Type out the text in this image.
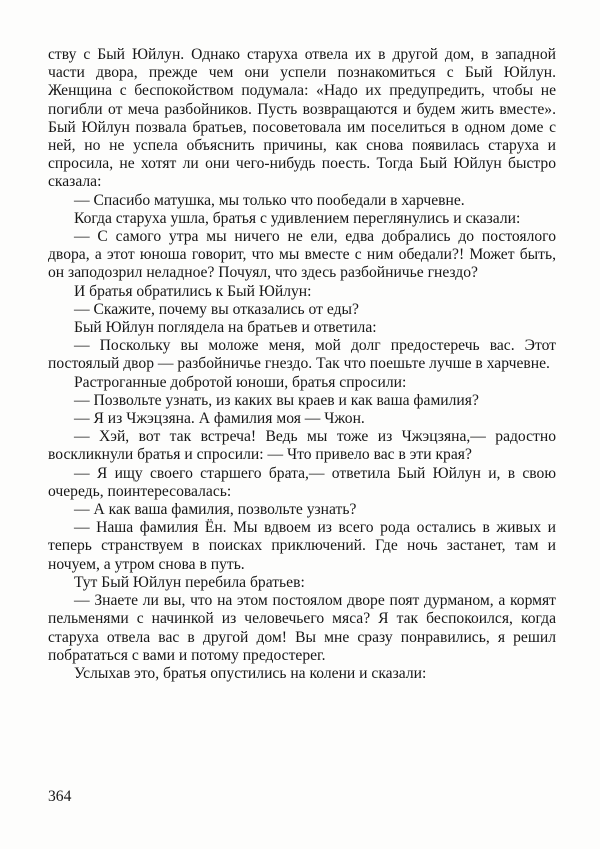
ству с Бый Юйлун. Однако старуха отвела их в другой дом, в западной части двора, прежде чем они успели познакомиться с Бый Юйлун. Женщина с беспокойством подумала: «Надо их предупредить, чтобы не погибли от меча разбойников. Пусть возвращаются и будем жить вместе». Бый Юйлун позвала братьев, посоветовала им поселиться в одном доме с ней, но не успела объяснить причины, как снова появилась старуха и спросила, не хотят ли они чего-нибудь поесть. Тогда Бый Юйлун быстро сказала:

— Спасибо матушка, мы только что пообедали в харчевне.

Когда старуха ушла, братья с удивлением переглянулись и сказали:

— С самого утра мы ничего не ели, едва добрались до постоялого двора, а этот юноша говорит, что мы вместе с ним обедали?! Может быть, он заподозрил неладное? Почуял, что здесь разбойничье гнездо?

И братья обратились к Бый Юйлун:

— Скажите, почему вы отказались от еды?

Бый Юйлун поглядела на братьев и ответила:

— Поскольку вы моложе меня, мой долг предостеречь вас. Этот постоялый двор — разбойничье гнездо. Так что поешьте лучше в харчевне.

Растроганные добротой юноши, братья спросили:

— Позвольте узнать, из каких вы краев и как ваша фамилия?

— Я из Чжэцзяна. А фамилия моя — Чжон.

— Хэй, вот так встреча! Ведь мы тоже из Чжэцзяна,— радостно воскликнули братья и спросили: — Что привело вас в эти края?

— Я ищу своего старшего брата,— ответила Бый Юйлун и, в свою очередь, поинтересовалась:

— А как ваша фамилия, позвольте узнать?

— Наша фамилия Ён. Мы вдвоем из всего рода остались в живых и теперь странствуем в поисках приключений. Где ночь застанет, там и ночуем, а утром снова в путь.

Тут Бый Юйлун перебила братьев:

— Знаете ли вы, что на этом постоялом дворе поят дурманом, а кормят пельменями с начинкой из человечьего мяса? Я так беспокоился, когда старуха отвела вас в другой дом! Вы мне сразу понравились, я решил побрататься с вами и потому предостерег.

Услыхав это, братья опустились на колени и сказали:

364
